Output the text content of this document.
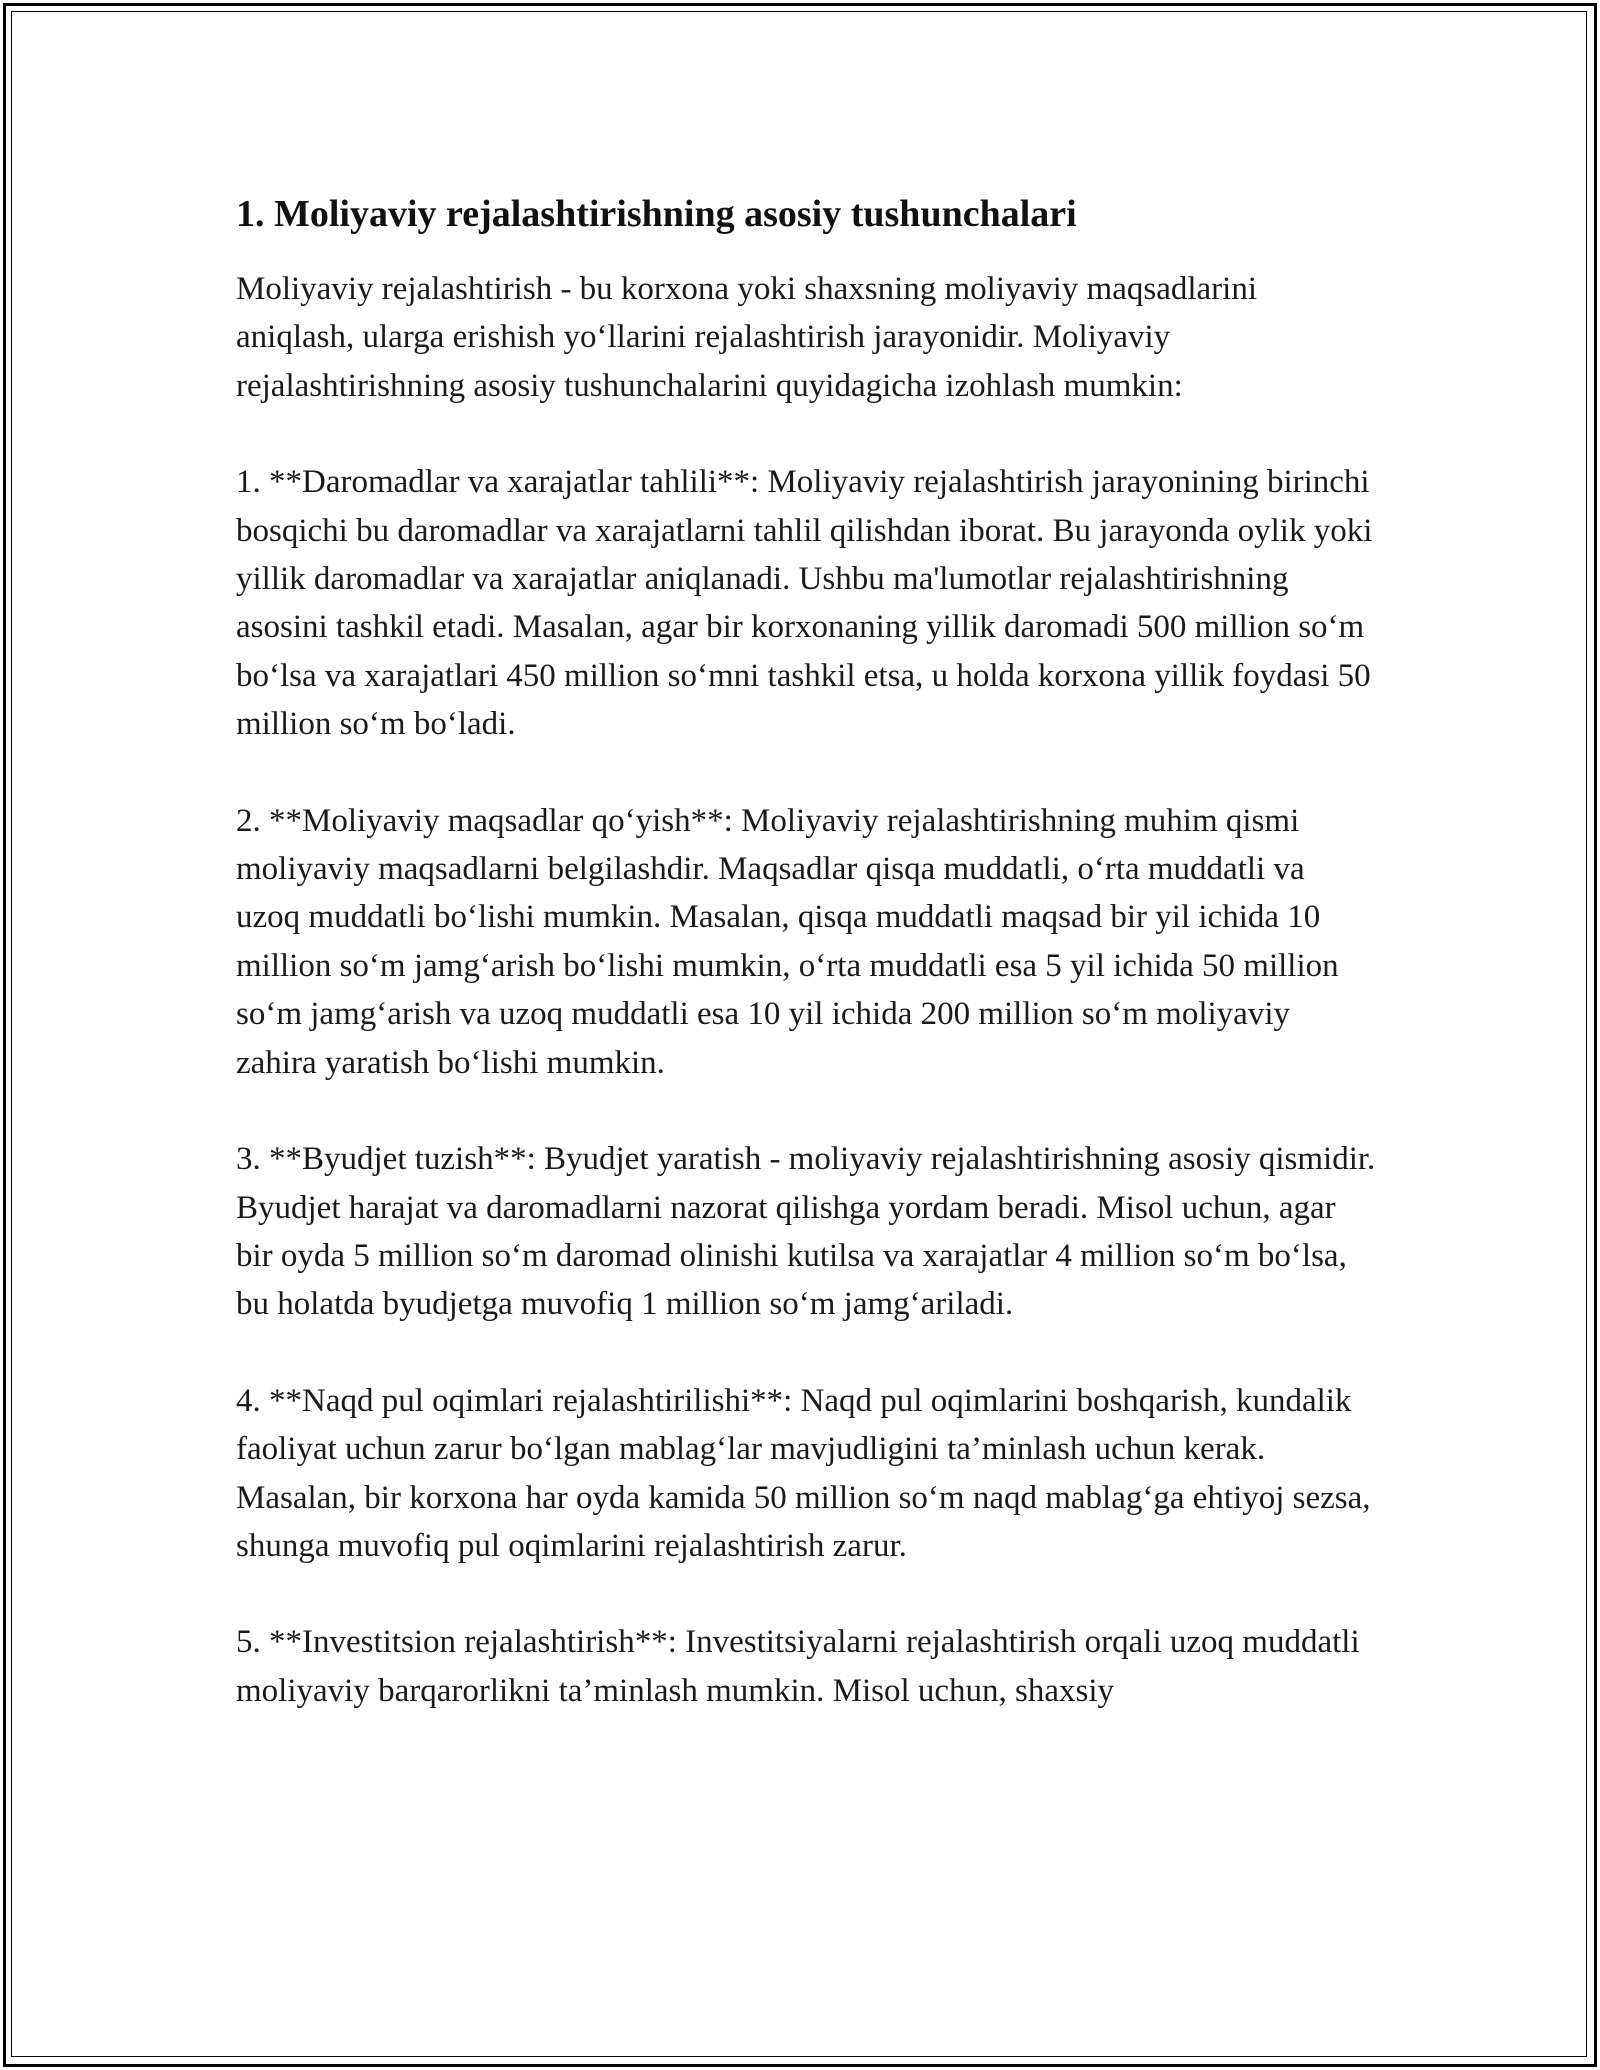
1. Moliyaviy rejalashtirishning asosiy tushunchalari

Moliyaviy rejalashtirish - bu korxona yoki shaxsning moliyaviy maqsadlarini aniqlash, ularga erishish yo‘llarini rejalashtirish jarayonidir. Moliyaviy rejalashtirishning asosiy tushunchalarini quyidagicha izohlash mumkin:

1. **Daromadlar va xarajatlar tahlili**: Moliyaviy rejalashtirish jarayonining birinchi bosqichi bu daromadlar va xarajatlarni tahlil qilishdan iborat. Bu jarayonda oylik yoki yillik daromadlar va xarajatlar aniqlanadi. Ushbu ma'lumotlar rejalashtirishning asosini tashkil etadi. Masalan, agar bir korxonaning yillik daromadi 500 million so‘m bo‘lsa va xarajatlari 450 million so‘mni tashkil etsa, u holda korxona yillik foydasi 50 million so‘m bo‘ladi.

2. **Moliyaviy maqsadlar qo‘yish**: Moliyaviy rejalashtirishning muhim qismi moliyaviy maqsadlarni belgilashdir. Maqsadlar qisqa muddatli, o‘rta muddatli va uzoq muddatli bo‘lishi mumkin. Masalan, qisqa muddatli maqsad bir yil ichida 10 million so‘m jamg‘arish bo‘lishi mumkin, o‘rta muddatli esa 5 yil ichida 50 million so‘m jamg‘arish va uzoq muddatli esa 10 yil ichida 200 million so‘m moliyaviy zahira yaratish bo‘lishi mumkin.

3. **Byudjet tuzish**: Byudjet yaratish - moliyaviy rejalashtirishning asosiy qismidir. Byudjet harajat va daromadlarni nazorat qilishga yordam beradi. Misol uchun, agar bir oyda 5 million so‘m daromad olinishi kutilsa va xarajatlar 4 million so‘m bo‘lsa, bu holatda byudjetga muvofiq 1 million so‘m jamg‘ariladi.

4. **Naqd pul oqimlari rejalashtirilishi**: Naqd pul oqimlarini boshqarish, kundalik faoliyat uchun zarur bo‘lgan mablag‘lar mavjudligini ta’minlash uchun kerak. Masalan, bir korxona har oyda kamida 50 million so‘m naqd mablag‘ga ehtiyoj sezsa, shunga muvofiq pul oqimlarini rejalashtirish zarur.

5. **Investitsion rejalashtirish**: Investitsiyalarni rejalashtirish orqali uzoq muddatli moliyaviy barqarorlikni ta’minlash mumkin. Misol uchun, shaxsiy
